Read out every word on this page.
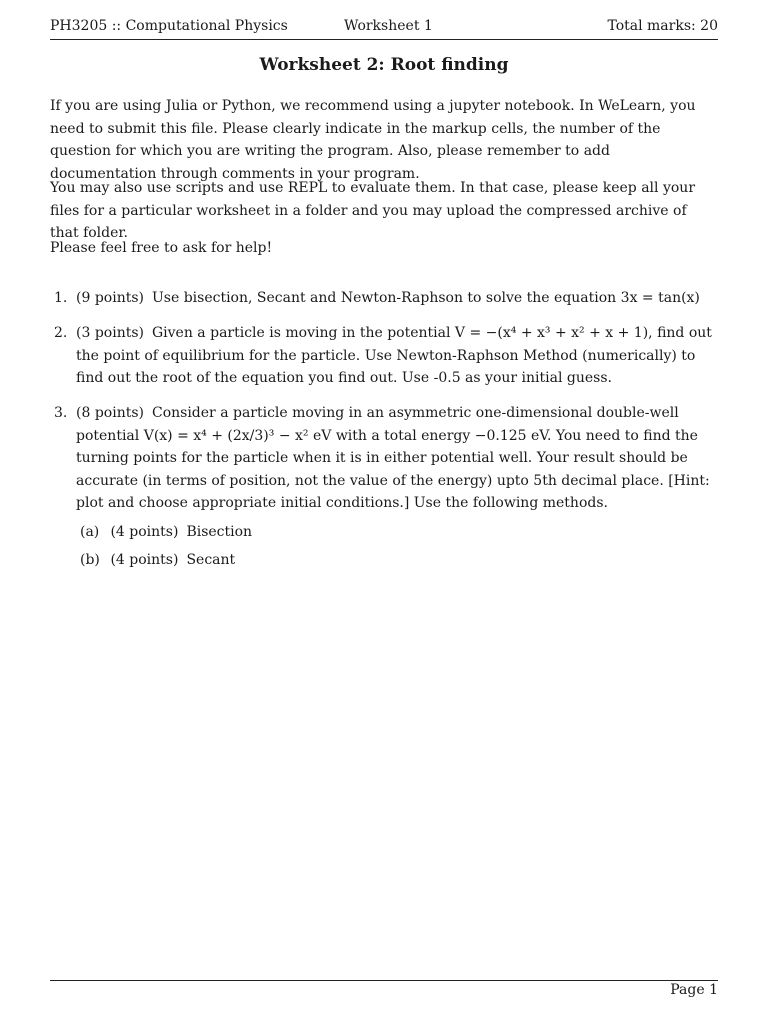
PH3205 :: Computational Physics	Worksheet 1	Total marks: 20
Worksheet 2: Root finding

If you are using Julia or Python, we recommend using a jupyter notebook. In WeLearn, you need to submit this file. Please clearly indicate in the markup cells, the number of the question for which you are writing the program. Also, please remember to add documentation through comments in your program.

You may also use scripts and use REPL to evaluate them. In that case, please keep all your files for a particular worksheet in a folder and you may upload the compressed archive of that folder.

Please feel free to ask for help!

1. (9 points) Use bisection, Secant and Newton-Raphson to solve the equation 3x = tan(x)
2. (3 points) Given a particle is moving in the potential V = −(x⁴ + x³ + x² + x + 1), find out the point of equilibrium for the particle. Use Newton-Raphson Method (numerically) to find out the root of the equation you find out. Use -0.5 as your initial guess.
3. (8 points) Consider a particle moving in an asymmetric one-dimensional double-well potential V(x) = x⁴ + (2x/3)³ − x² eV with a total energy −0.125 eV. You need to find the turning points for the particle when it is in either potential well. Your result should be accurate (in terms of position, not the value of the energy) upto 5th decimal place. [Hint: plot and choose appropriate initial conditions.] Use the following methods.
(a) (4 points) Bisection
(b) (4 points) Secant
Page 1
